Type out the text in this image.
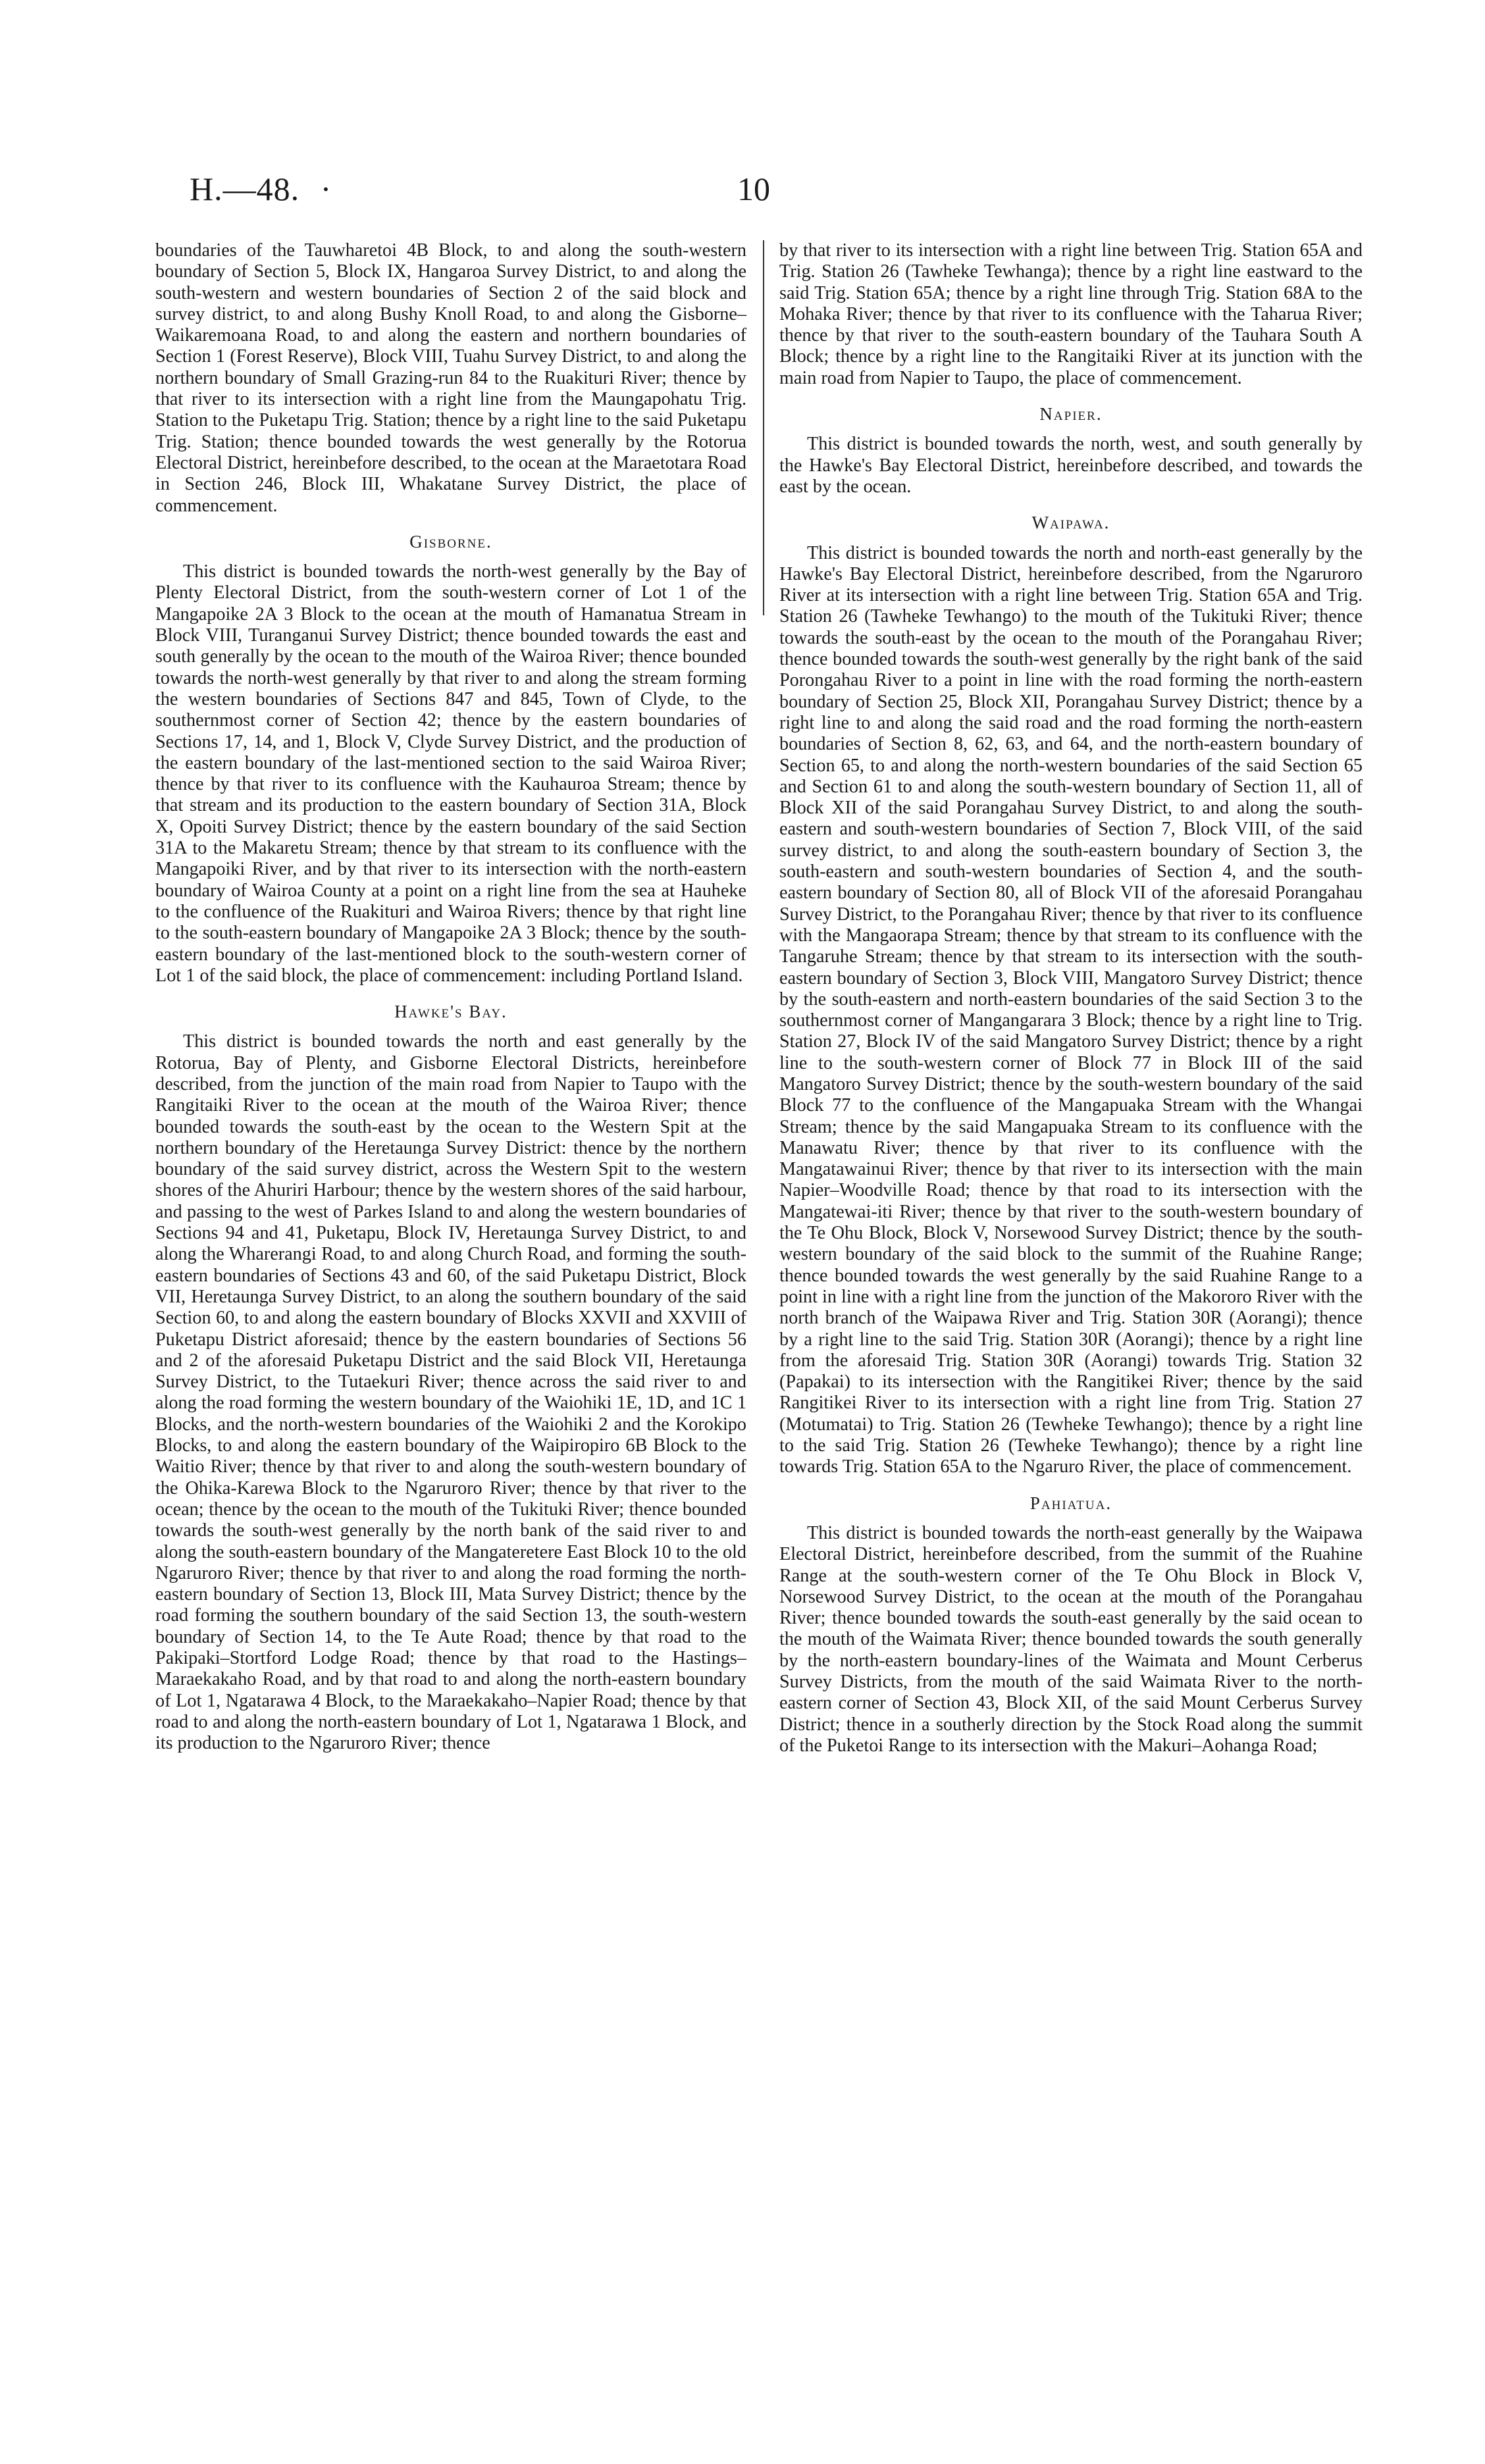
H.—48. ·	10

boundaries of the Tauwharetoi 4B Block, to and along the south-western boundary of Section 5, Block IX, Hangaroa Survey District, to and along the south-western and western boundaries of Section 2 of the said block and survey district, to and along Bushy Knoll Road, to and along the Gisborne–Waikaremoana Road, to and along the eastern and northern boundaries of Section 1 (Forest Reserve), Block VIII, Tuahu Survey District, to and along the northern boundary of Small Grazing-run 84 to the Ruakituri River; thence by that river to its intersection with a right line from the Maungapohatu Trig. Station to the Puketapu Trig. Station; thence by a right line to the said Puketapu Trig. Station; thence bounded towards the west generally by the Rotorua Electoral District, hereinbefore described, to the ocean at the Maraetotara Road in Section 246, Block III, Whakatane Survey District, the place of commencement.

Gisborne.

This district is bounded towards the north-west generally by the Bay of Plenty Electoral District, from the south-western corner of Lot 1 of the Mangapoike 2A 3 Block to the ocean at the mouth of Hamanatua Stream in Block VIII, Turanganui Survey District; thence bounded towards the east and south generally by the ocean to the mouth of the Wairoa River; thence bounded towards the north-west generally by that river to and along the stream forming the western boundaries of Sections 847 and 845, Town of Clyde, to the southernmost corner of Section 42; thence by the eastern boundaries of Sections 17, 14, and 1, Block V, Clyde Survey District, and the production of the eastern boundary of the last-mentioned section to the said Wairoa River; thence by that river to its confluence with the Kauhauroa Stream; thence by that stream and its production to the eastern boundary of Section 31A, Block X, Opoiti Survey District; thence by the eastern boundary of the said Section 31A to the Makaretu Stream; thence by that stream to its confluence with the Mangapoiki River, and by that river to its intersection with the north-eastern boundary of Wairoa County at a point on a right line from the sea at Hauheke to the confluence of the Ruakituri and Wairoa Rivers; thence by that right line to the south-eastern boundary of Mangapoike 2A 3 Block; thence by the south-eastern boundary of the last-mentioned block to the south-western corner of Lot 1 of the said block, the place of commencement: including Portland Island.

Hawke's Bay.

This district is bounded towards the north and east generally by the Rotorua, Bay of Plenty, and Gisborne Electoral Districts, hereinbefore described, from the junction of the main road from Napier to Taupo with the Rangitaiki River to the ocean at the mouth of the Wairoa River; thence bounded towards the south-east by the ocean to the Western Spit at the northern boundary of the Heretaunga Survey District: thence by the northern boundary of the said survey district, across the Western Spit to the western shores of the Ahuriri Harbour; thence by the western shores of the said harbour, and passing to the west of Parkes Island to and along the western boundaries of Sections 94 and 41, Puketapu, Block IV, Heretaunga Survey District, to and along the Wharerangi Road, to and along Church Road, and forming the south-eastern boundaries of Sections 43 and 60, of the said Puketapu District, Block VII, Heretaunga Survey District, to an along the southern boundary of the said Section 60, to and along the eastern boundary of Blocks XXVII and XXVIII of Puketapu District aforesaid; thence by the eastern boundaries of Sections 56 and 2 of the aforesaid Puketapu District and the said Block VII, Heretaunga Survey District, to the Tutaekuri River; thence across the said river to and along the road forming the western boundary of the Waiohiki 1E, 1D, and 1C 1 Blocks, and the north-western boundaries of the Waiohiki 2 and the Korokipo Blocks, to and along the eastern boundary of the Waipiropiro 6B Block to the Waitio River; thence by that river to and along the south-western boundary of the Ohika-Karewa Block to the Ngaruroro River; thence by that river to the ocean; thence by the ocean to the mouth of the Tukituki River; thence bounded towards the south-west generally by the north bank of the said river to and along the south-eastern boundary of the Mangateretere East Block 10 to the old Ngaruroro River; thence by that river to and along the road forming the north-eastern boundary of Section 13, Block III, Mata Survey District; thence by the road forming the southern boundary of the said Section 13, the south-western boundary of Section 14, to the Te Aute Road; thence by that road to the Pakipaki–Stortford Lodge Road; thence by that road to the Hastings–Maraekakaho Road, and by that road to and along the north-eastern boundary of Lot 1, Ngatarawa 4 Block, to the Maraekakaho–Napier Road; thence by that road to and along the north-eastern boundary of Lot 1, Ngatarawa 1 Block, and its production to the Ngaruroro River; thence

by that river to its intersection with a right line between Trig. Station 65A and Trig. Station 26 (Tawheke Tewhanga); thence by a right line eastward to the said Trig. Station 65A; thence by a right line through Trig. Station 68A to the Mohaka River; thence by that river to its confluence with the Taharua River; thence by that river to the south-eastern boundary of the Tauhara South A Block; thence by a right line to the Rangitaiki River at its junction with the main road from Napier to Taupo, the place of commencement.

Napier.

This district is bounded towards the north, west, and south generally by the Hawke's Bay Electoral District, hereinbefore described, and towards the east by the ocean.

Waipawa.

This district is bounded towards the north and north-east generally by the Hawke's Bay Electoral District, hereinbefore described, from the Ngaruroro River at its intersection with a right line between Trig. Station 65A and Trig. Station 26 (Tawheke Tewhango) to the mouth of the Tukituki River; thence towards the south-east by the ocean to the mouth of the Porangahau River; thence bounded towards the south-west generally by the right bank of the said Porongahau River to a point in line with the road forming the north-eastern boundary of Section 25, Block XII, Porangahau Survey District; thence by a right line to and along the said road and the road forming the north-eastern boundaries of Section 8, 62, 63, and 64, and the north-eastern boundary of Section 65, to and along the north-western boundaries of the said Section 65 and Section 61 to and along the south-western boundary of Section 11, all of Block XII of the said Porangahau Survey District, to and along the south-eastern and south-western boundaries of Section 7, Block VIII, of the said survey district, to and along the south-eastern boundary of Section 3, the south-eastern and south-western boundaries of Section 4, and the south-eastern boundary of Section 80, all of Block VII of the aforesaid Porangahau Survey District, to the Porangahau River; thence by that river to its confluence with the Mangaorapa Stream; thence by that stream to its confluence with the Tangaruhe Stream; thence by that stream to its intersection with the south-eastern boundary of Section 3, Block VIII, Mangatoro Survey District; thence by the south-eastern and north-eastern boundaries of the said Section 3 to the southernmost corner of Mangangarara 3 Block; thence by a right line to Trig. Station 27, Block IV of the said Mangatoro Survey District; thence by a right line to the south-western corner of Block 77 in Block III of the said Mangatoro Survey District; thence by the south-western boundary of the said Block 77 to the confluence of the Mangapuaka Stream with the Whangai Stream; thence by the said Mangapuaka Stream to its confluence with the Manawatu River; thence by that river to its confluence with the Mangatawainui River; thence by that river to its intersection with the main Napier–Woodville Road; thence by that road to its intersection with the Mangatewai-iti River; thence by that river to the south-western boundary of the Te Ohu Block, Block V, Norsewood Survey District; thence by the south-western boundary of the said block to the summit of the Ruahine Range; thence bounded towards the west generally by the said Ruahine Range to a point in line with a right line from the junction of the Makororo River with the north branch of the Waipawa River and Trig. Station 30R (Aorangi); thence by a right line to the said Trig. Station 30R (Aorangi); thence by a right line from the aforesaid Trig. Station 30R (Aorangi) towards Trig. Station 32 (Papakai) to its intersection with the Rangitikei River; thence by the said Rangitikei River to its intersection with a right line from Trig. Station 27 (Motumatai) to Trig. Station 26 (Tewheke Tewhango); thence by a right line to the said Trig. Station 26 (Tewheke Tewhango); thence by a right line towards Trig. Station 65A to the Ngaruro River, the place of commencement.

Pahiatua.

This district is bounded towards the north-east generally by the Waipawa Electoral District, hereinbefore described, from the summit of the Ruahine Range at the south-western corner of the Te Ohu Block in Block V, Norsewood Survey District, to the ocean at the mouth of the Porangahau River; thence bounded towards the south-east generally by the said ocean to the mouth of the Waimata River; thence bounded towards the south generally by the north-eastern boundary-lines of the Waimata and Mount Cerberus Survey Districts, from the mouth of the said Waimata River to the north-eastern corner of Section 43, Block XII, of the said Mount Cerberus Survey District; thence in a southerly direction by the Stock Road along the summit of the Puketoi Range to its intersection with the Makuri–Aohanga Road;
